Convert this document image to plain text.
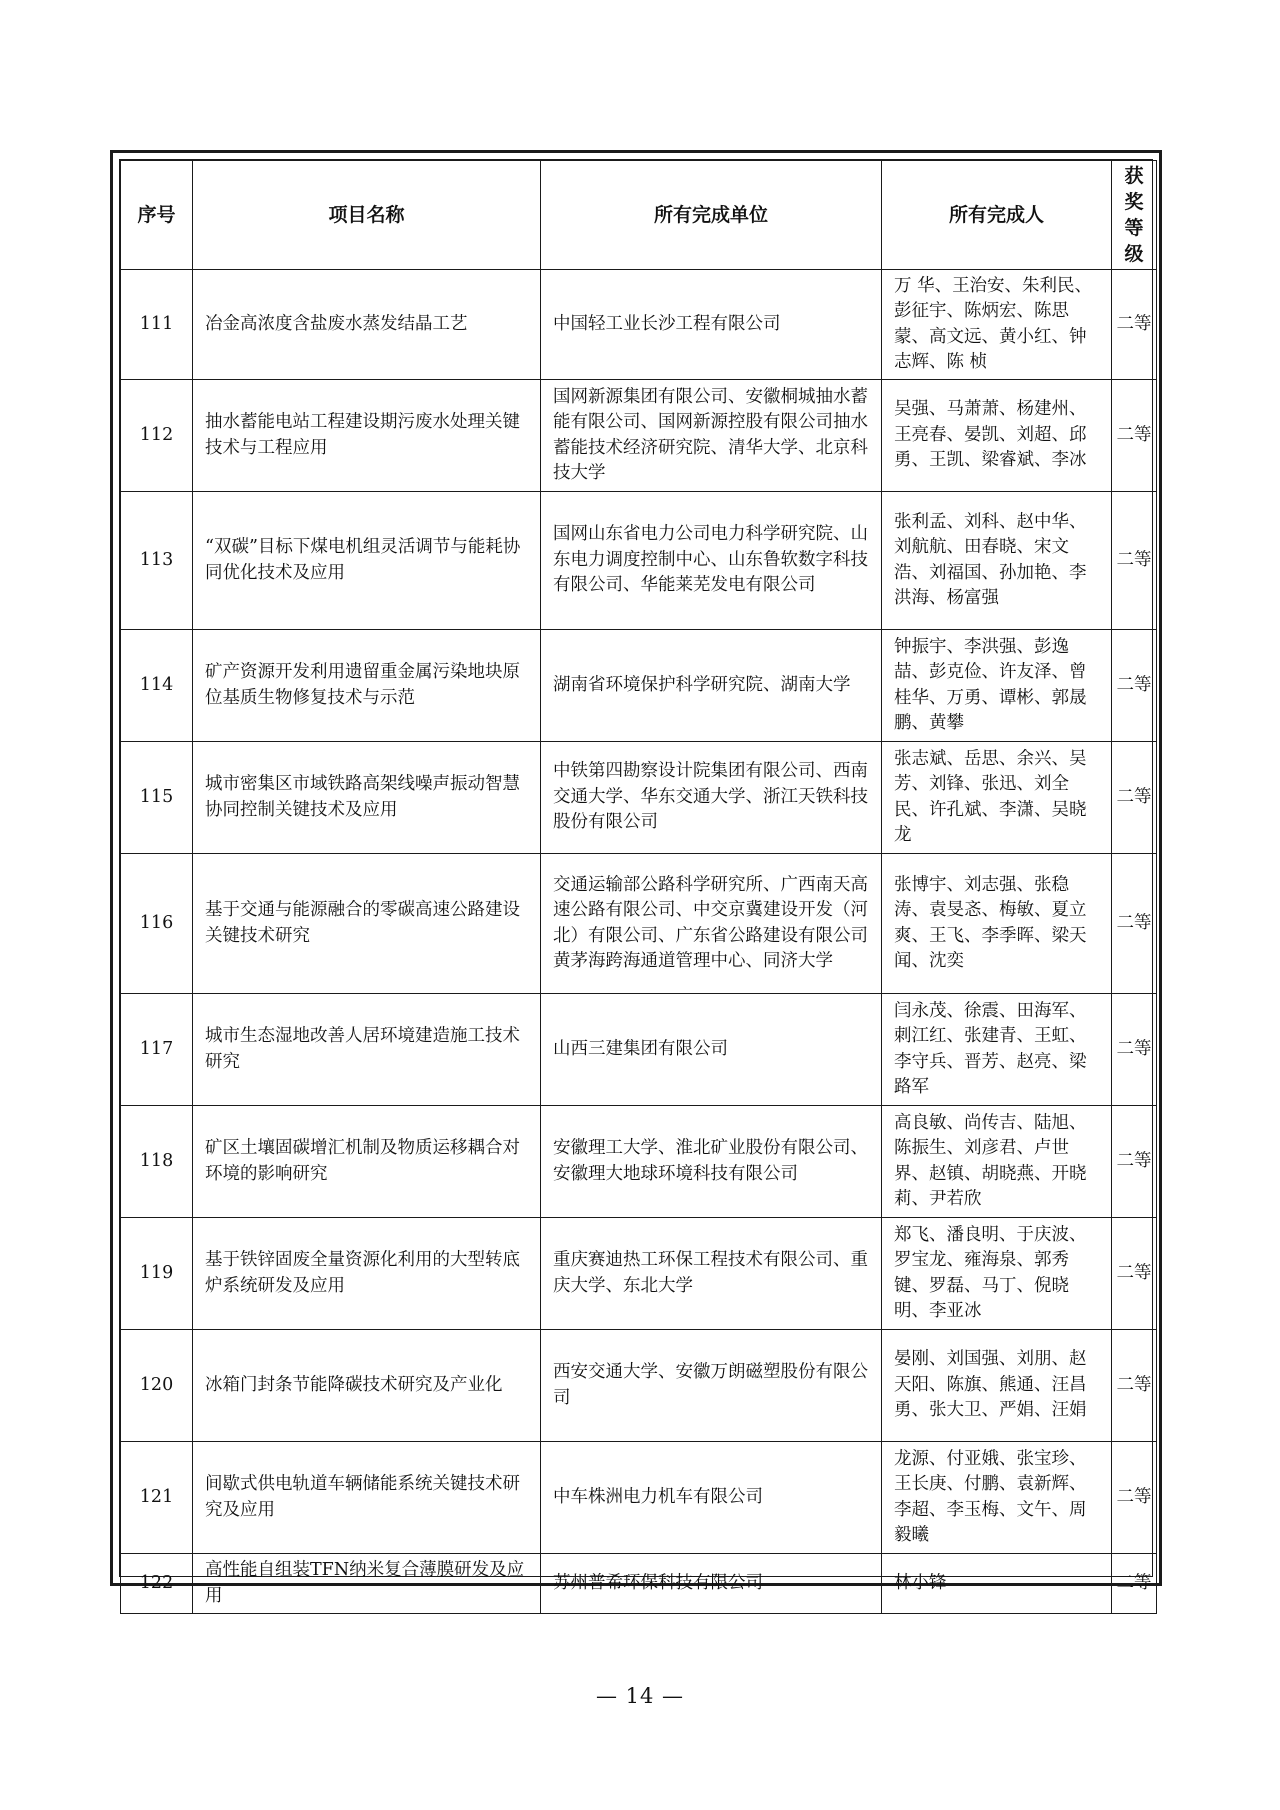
序号	项目名称	所有完成单位	所有完成人	获奖等级
111	冶金高浓度含盐废水蒸发结晶工艺	中国轻工业长沙工程有限公司	万 华、王治安、朱利民、彭征宇、陈炳宏、陈思蒙、高文远、黄小红、钟志辉、陈 桢	二等
112	抽水蓄能电站工程建设期污废水处理关键技术与工程应用	国网新源集团有限公司、安徽桐城抽水蓄能有限公司、国网新源控股有限公司抽水蓄能技术经济研究院、清华大学、北京科技大学	吴强、马萧萧、杨建州、王亮春、晏凯、刘超、邱勇、王凯、梁睿斌、李冰	二等
113	“双碳”目标下煤电机组灵活调节与能耗协同优化技术及应用	国网山东省电力公司电力科学研究院、山东电力调度控制中心、山东鲁软数字科技有限公司、华能莱芜发电有限公司	张利孟、刘科、赵中华、刘航航、田春晓、宋文浩、刘福国、孙加艳、李洪海、杨富强	二等
114	矿产资源开发利用遗留重金属污染地块原位基质生物修复技术与示范	湖南省环境保护科学研究院、湖南大学	钟振宇、李洪强、彭逸喆、彭克俭、许友泽、曾桂华、万勇、谭彬、郭晟鹏、黄攀	二等
115	城市密集区市域铁路高架线噪声振动智慧协同控制关键技术及应用	中铁第四勘察设计院集团有限公司、西南交通大学、华东交通大学、浙江天铁科技股份有限公司	张志斌、岳思、余兴、吴芳、刘锋、张迅、刘全民、许孔斌、李潇、吴晓龙	二等
116	基于交通与能源融合的零碳高速公路建设关键技术研究	交通运输部公路科学研究所、广西南天高速公路有限公司、中交京冀建设开发（河北）有限公司、广东省公路建设有限公司黄茅海跨海通道管理中心、同济大学	张博宇、刘志强、张稳涛、袁旻忞、梅敏、夏立爽、王飞、李季晖、梁天闻、沈奕	二等
117	城市生态湿地改善人居环境建造施工技术研究	山西三建集团有限公司	闫永茂、徐震、田海军、刺江红、张建青、王虹、李守兵、晋芳、赵亮、梁路军	二等
118	矿区土壤固碳增汇机制及物质运移耦合对环境的影响研究	安徽理工大学、淮北矿业股份有限公司、安徽理大地球环境科技有限公司	高良敏、尚传吉、陆旭、陈振生、刘彦君、卢世界、赵镇、胡晓燕、开晓莉、尹若欣	二等
119	基于铁锌固废全量资源化利用的大型转底炉系统研发及应用	重庆赛迪热工环保工程技术有限公司、重庆大学、东北大学	郑飞、潘良明、于庆波、罗宝龙、雍海泉、郭秀键、罗磊、马丁、倪晓明、李亚冰	二等
120	冰箱门封条节能降碳技术研究及产业化	西安交通大学、安徽万朗磁塑股份有限公司	晏刚、刘国强、刘朋、赵天阳、陈旗、熊通、汪昌勇、张大卫、严娟、汪娟	二等
121	间歇式供电轨道车辆储能系统关键技术研究及应用	中车株洲电力机车有限公司	龙源、付亚娥、张宝珍、王长庚、付鹏、袁新辉、李超、李玉梅、文午、周毅曦	二等
122	高性能自组装TFN纳米复合薄膜研发及应用	苏州普希环保科技有限公司	林小锋	二等
— 14 —
